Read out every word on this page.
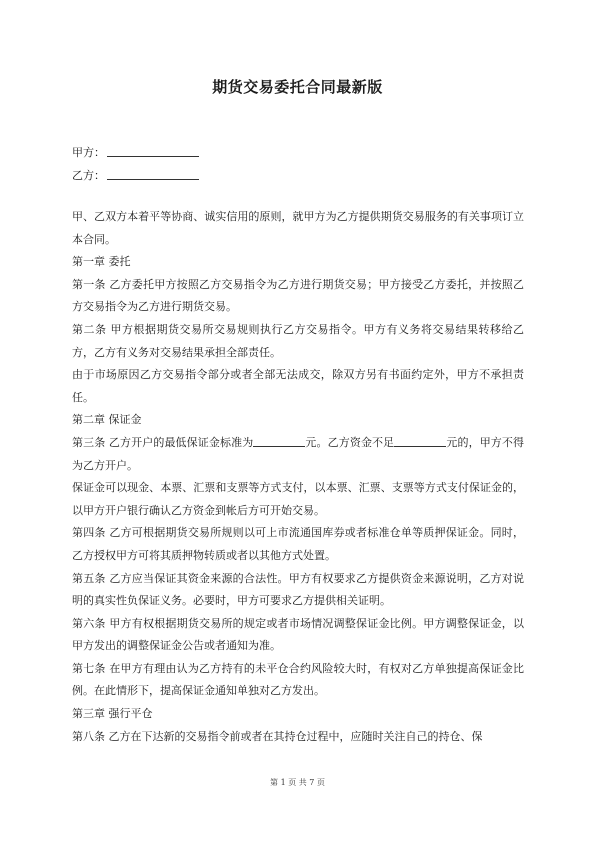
期货交易委托合同最新版
甲方：
乙方：

甲、乙双方本着平等协商、诚实信用的原则，就甲方为乙方提供期货交易服务的有关事项订立本合同。

第一章 委托

第一条 乙方委托甲方按照乙方交易指令为乙方进行期货交易；甲方接受乙方委托，并按照乙方交易指令为乙方进行期货交易。

第二条 甲方根据期货交易所交易规则执行乙方交易指令。甲方有义务将交易结果转移给乙方，乙方有义务对交易结果承担全部责任。

由于市场原因乙方交易指令部分或者全部无法成交，除双方另有书面约定外，甲方不承担责任。

第二章 保证金

第三条 乙方开户的最低保证金标准为	元。乙方资金不足	元的，甲方不得为乙方开户。

保证金可以现金、本票、汇票和支票等方式支付，以本票、汇票、支票等方式支付保证金的，以甲方开户银行确认乙方资金到帐后方可开始交易。

第四条 乙方可根据期货交易所规则以可上市流通国库券或者标准仓单等质押保证金。同时，乙方授权甲方可将其质押物转质或者以其他方式处置。

第五条 乙方应当保证其资金来源的合法性。甲方有权要求乙方提供资金来源说明，乙方对说明的真实性负保证义务。必要时，甲方可要求乙方提供相关证明。

第六条 甲方有权根据期货交易所的规定或者市场情况调整保证金比例。甲方调整保证金，以甲方发出的调整保证金公告或者通知为准。

第七条 在甲方有理由认为乙方持有的未平仓合约风险较大时，有权对乙方单独提高保证金比例。在此情形下，提高保证金通知单独对乙方发出。

第三章 强行平仓

第八条 乙方在下达新的交易指令前或者在其持仓过程中，应随时关注自己的持仓、保

第 1 页 共 7 页
